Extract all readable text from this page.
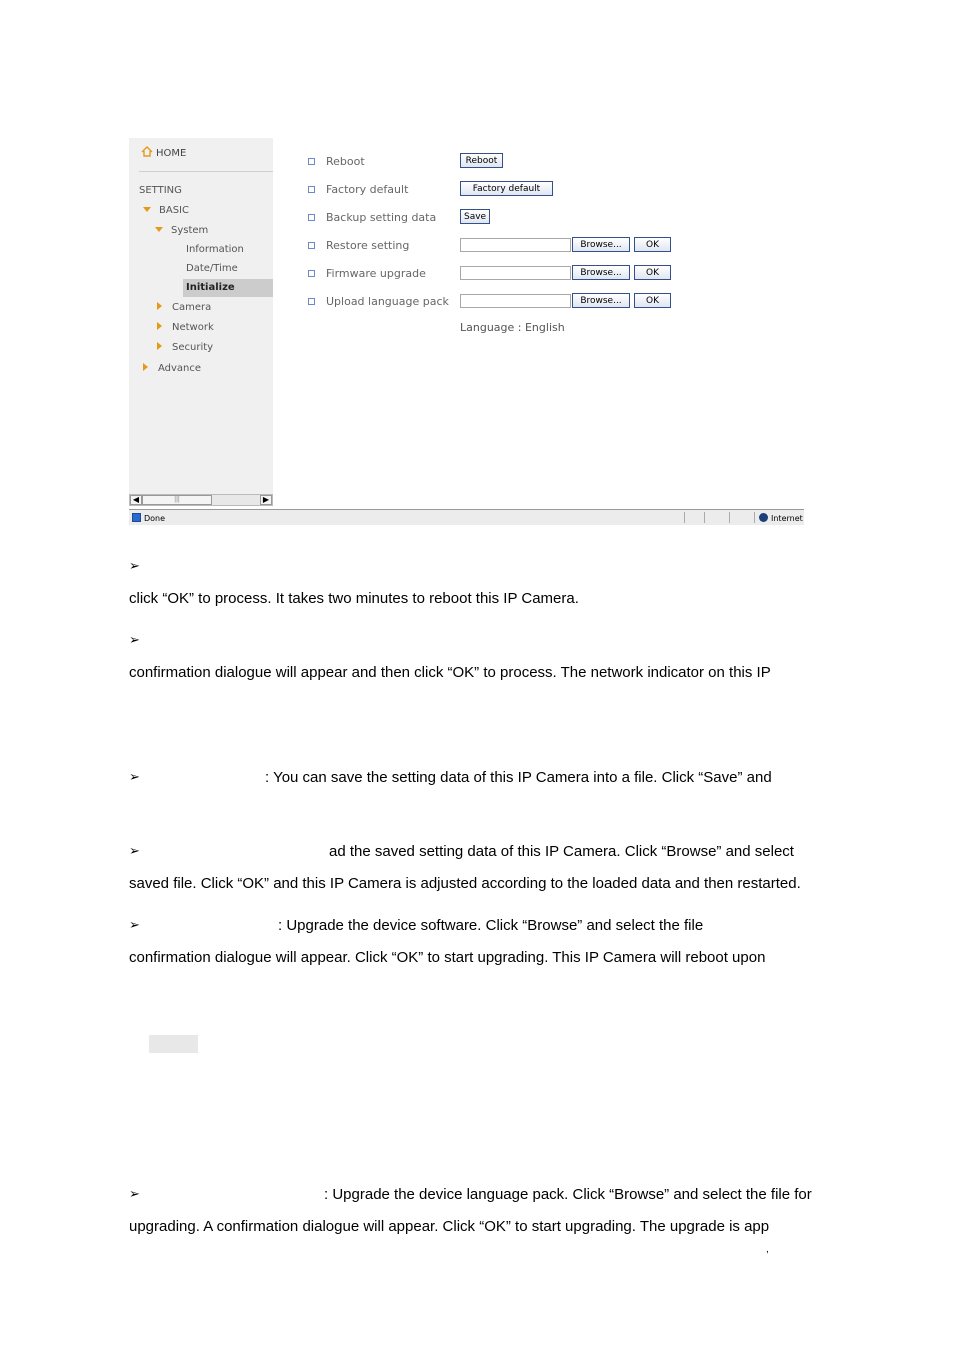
HOME
SETTING
BASIC
System
Information
Date/Time
Initialize
Camera
Network
Security
Advance
◀	|||	▶
Reboot	Reboot
Factory default	Factory default
Backup setting data	Save
Restore setting	Browse...	OK
Firmware upgrade	Browse...	OK
Upload language pack	Browse...	OK
Language : English
Done	Internet
➢
click “OK” to process. It takes two minutes to reboot this IP Camera.
➢
confirmation dialogue will appear and then click “OK” to process. The network indicator on this IP
➢	: You can save the setting data of this IP Camera into a file. Click “Save” and
➢	ad the saved setting data of this IP Camera. Click “Browse” and select
saved file. Click “OK” and this IP Camera is adjusted according to the loaded data and then restarted.
➢	: Upgrade the device software. Click “Browse” and select the file
confirmation dialogue will appear. Click “OK” to start upgrading. This IP Camera will reboot upon
➢	: Upgrade the device language pack. Click “Browse” and select the file for
upgrading. A confirmation dialogue will appear. Click “OK” to start upgrading. The upgrade is app
,
